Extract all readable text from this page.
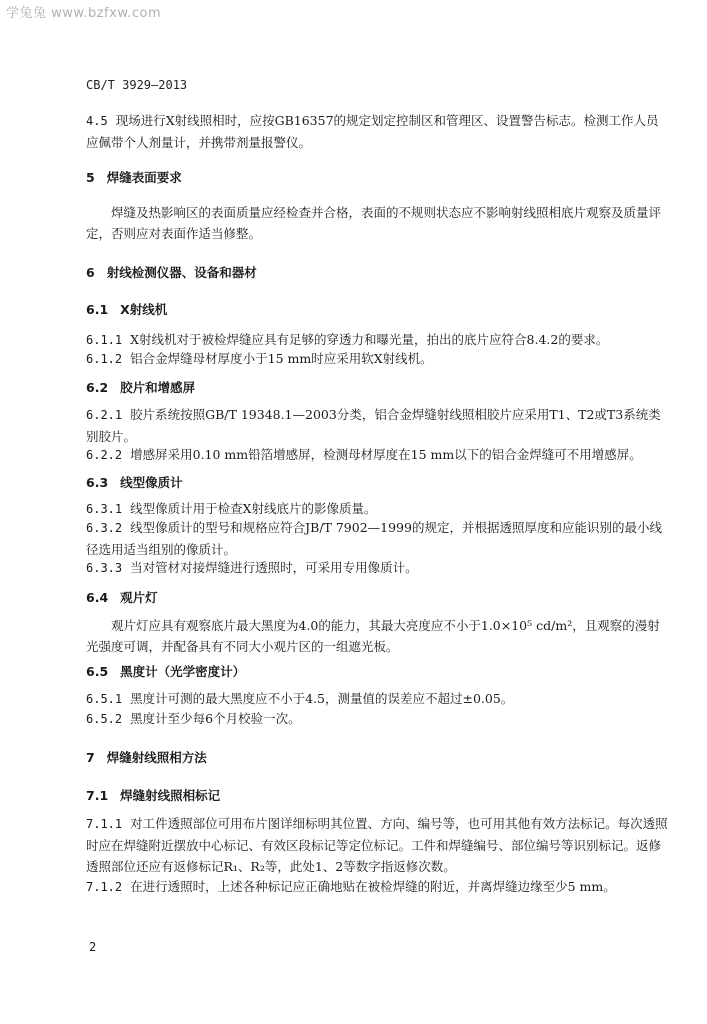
学兔兔 www.bzfxw.com
CB/T 3929—2013

4.5 现场进行X射线照相时，应按GB16357的规定划定控制区和管理区、设置警告标志。检测工作人员应佩带个人剂量计，并携带剂量报警仪。

5 焊缝表面要求

焊缝及热影响区的表面质量应经检查并合格，表面的不规则状态应不影响射线照相底片观察及质量评定，否则应对表面作适当修整。

6 射线检测仪器、设备和器材
6.1 X射线机

6.1.1 X射线机对于被检焊缝应具有足够的穿透力和曝光量，拍出的底片应符合8.4.2的要求。

6.1.2 铝合金焊缝母材厚度小于15 mm时应采用软X射线机。

6.2 胶片和增感屏

6.2.1 胶片系统按照GB/T 19348.1—2003分类，铝合金焊缝射线照相胶片应采用T1、T2或T3系统类别胶片。

6.2.2 增感屏采用0.10 mm铅箔增感屏，检测母材厚度在15 mm以下的铝合金焊缝可不用增感屏。

6.3 线型像质计

6.3.1 线型像质计用于检查X射线底片的影像质量。

6.3.2 线型像质计的型号和规格应符合JB/T 7902—1999的规定，并根据透照厚度和应能识别的最小线径选用适当组别的像质计。

6.3.3 当对管材对接焊缝进行透照时，可采用专用像质计。

6.4 观片灯

观片灯应具有观察底片最大黑度为4.0的能力，其最大亮度应不小于1.0×10⁵ cd/m²，且观察的漫射光强度可调，并配备具有不同大小观片区的一组遮光板。

6.5 黑度计（光学密度计）

6.5.1 黑度计可测的最大黑度应不小于4.5，测量值的误差应不超过±0.05。

6.5.2 黑度计至少每6个月校验一次。

7 焊缝射线照相方法
7.1 焊缝射线照相标记

7.1.1 对工件透照部位可用布片图详细标明其位置、方向、编号等，也可用其他有效方法标记。每次透照时应在焊缝附近摆放中心标记、有效区段标记等定位标记。工件和焊缝编号、部位编号等识别标记。返修透照部位还应有返修标记R₁、R₂等，此处1、2等数字指返修次数。

7.1.2 在进行透照时，上述各种标记应正确地贴在被检焊缝的附近，并离焊缝边缘至少5 mm。

2
